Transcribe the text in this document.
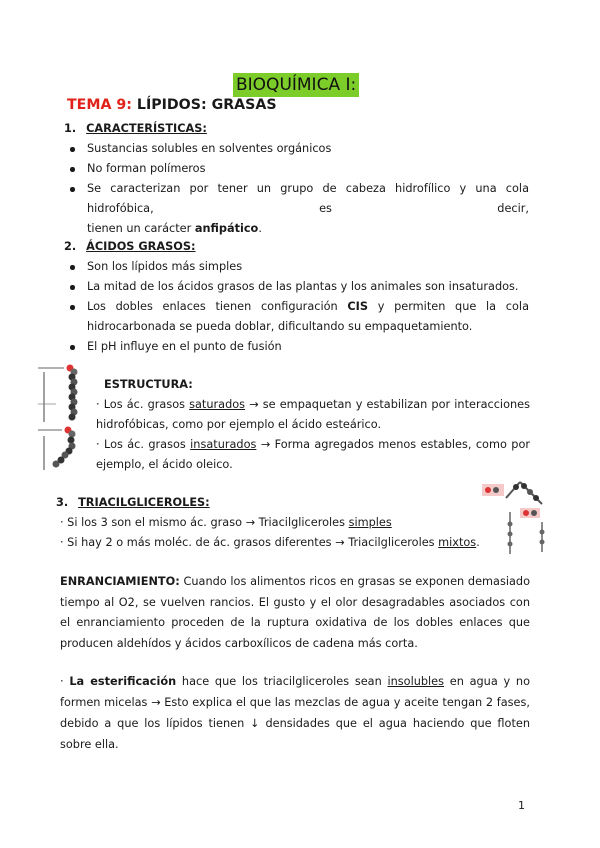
BIOQUÍMICA I:
TEMA 9: LÍPIDOS: GRASAS
1. CARACTERÍSTICAS:
Sustancias solubles en solventes orgánicos
No forman polímeros
Se caracterizan por tener un grupo de cabeza hidrofílico y una cola hidrofóbica, es decir,
tienen un carácter anfipático.
2. ÁCIDOS GRASOS:
Son los lípidos más simples
La mitad de los ácidos grasos de las plantas y los animales son insaturados.
Los dobles enlaces tienen configuración CIS y permiten que la cola
hidrocarbonada se pueda doblar, dificultando su empaquetamiento.
El pH influye en el punto de fusión
ESTRUCTURA:
· Los ác. grasos saturados → se empaquetan y estabilizan por interacciones
hidrofóbicas, como por ejemplo el ácido esteárico.
· Los ác. grasos insaturados → Forma agregados menos estables, como por
ejemplo, el ácido oleico.
3. TRIACILGLICEROLES:
· Si los 3 son el mismo ác. graso → Triacilgliceroles simples
· Si hay 2 o más moléc. de ác. grasos diferentes → Triacilgliceroles mixtos.
ENRANCIAMIENTO: Cuando los alimentos ricos en grasas se exponen demasiado tiempo al O2, se vuelven rancios. El gusto y el olor desagradables asociados con el enranciamiento proceden de la ruptura oxidativa de los dobles enlaces que producen aldehídos y ácidos carboxílicos de cadena más corta.
· La esterificación hace que los triacilgliceroles sean insolubles en agua y no formen micelas → Esto explica el que las mezclas de agua y aceite tengan 2 fases, debido a que los lípidos tienen ↓ densidades que el agua haciendo que floten sobre ella.
1
